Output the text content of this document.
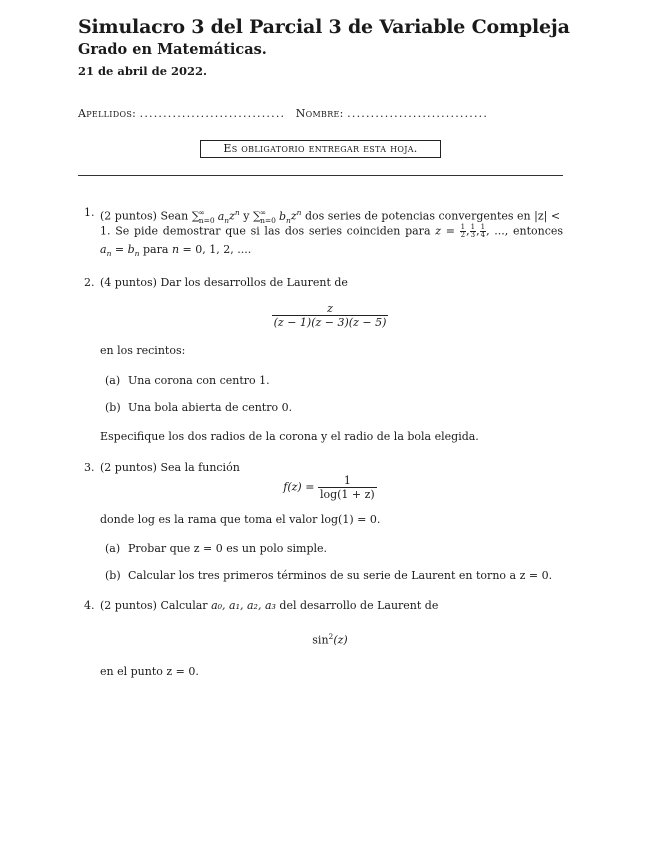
Simulacro 3 del Parcial 3 de Variable Compleja
Grado en Matemáticas.
21 de abril de 2022.
Apellidos: ............................... Nombre: ..............................
Es obligatorio entregar esta hoja.
1. (2 puntos) Sean $\sum^\infty_{n=0}$ $a_nz^n$ y $\sum^\infty_{n=0}$ $b_nz^n$ dos series de potencias convergentes en |z| <
1. Se pide demostrar que si las dos series coinciden para $z = \frac{1}{2}$ , $\frac{1}{3}$ , $\frac{1}{4}$ , ..., entonces
$a_n = b_n$ para n = 0, 1, 2, ....
2. (4 puntos) Dar los desarrollos de Laurent de
$\frac{z}{(z - 1)(z - 3)(z - 5)}$
en los recintos:
(a) Una corona con centro 1.
(b) Una bola abierta de centro 0.
Especifique los dos radios de la corona y el radio de la bola elegida.
3. (2 puntos) Sea la función
$f(z) = \frac{1}{\log(1 + z)}$
donde log es la rama que toma el valor log(1) = 0.
(a) Probar que z = 0 es un polo simple.
(b) Calcular los tres primeros términos de su serie de Laurent en torno a z = 0.
4. (2 puntos) Calcular a₀, a₁, a₂, a₃ del desarrollo de Laurent de
$\sin^2(z)$
en el punto z = 0.
